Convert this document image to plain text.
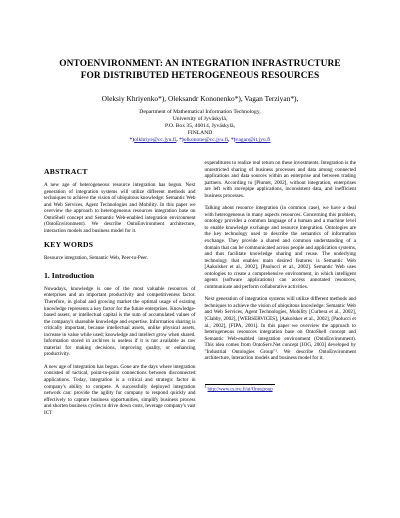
ONTOENVIRONMENT: AN INTEGRATION INFRASTRUCTURE
FOR DISTRIBUTED HETEROGENEOUS RESOURCES
Oleksiy Khriyenko*), Oleksandr Kononenko*), Vagan Terziyan*),
Department of Mathematical Information Technology,
University of Jyväskylä,
P.O. Box 35, 40014, Jyväskylä,
FINLAND
*)olkhriye@cc.jyu.fi, *)olkonone@cc.jyu.fi, *)vagan@it.jyu.fi
ABSTRACT

A new age of heterogeneous resource integration has begun. Next generation of integration systems will utilize different methods and techniques to achieve the vision of ubiquitous knowledge: Semantic Web and Web Services, Agent Technologies and Mobility. In this paper we overview the approach to heterogeneous resources integration base on OntoShell concept and Semantic Web-enabled integration environment (OntoEnvironment). We describe OntoEnvironment architecture, interaction models and business model for it.

KEY WORDS
Resource integration, Semantic Web, Peer-to-Peer.
1. Introduction

Nowadays, knowledge is one of the most valuable resources of enterprises and an important productivity and competitiveness factor. Therefore, in global and growing market the optimal usage of existing knowledge represents a key factor for the future enterprises. Knowledge-based assets, or intellectual capital is the sum of accumulated values of the company's shareable knowledge and expertise. Information sharing is critically important, because intellectual assets, unlike physical assets, increase in value while used; knowledge and intellect grow when shared. Information stored in archives is useless if it is not available as raw material for making decisions, improving quality, or enhancing productivity.

A new age of integration has begun. Gone are the days where integration consisted of tactical, point-to-point connections between disconnected applications. Today, integration is a critical and strategic factor in company's ability to compete. A successfully deployed integration network can: provide the agility for company to respond quickly and effectively to capture business opportunities, simplify business process and shorten business cycles to drive down costs, leverage company's vast ICT

expenditures to realize real return on these investments. Integration is the unrestricted sharing of business processes and data among connected applications and data sources within an enterprise and between trading partners. According to [Plumet, 2002], without integration, enterprises are left with stovepipe applications, inconsistent data, and inefficient business processes.

Talking about resource integration (in common case), we have a deal with heterogeneous in many aspects resources. Concerning this problem, ontology provides a common language of a human and a machine level to enable knowledge exchange and resource integration. Ontologies are the key technology used to describe the semantics of information exchange. They provide a shared and common understanding of a domain that can be communicated across people and application systems, and thus facilitate knowledge sharing and reuse. The underlying technology that enables main desired features is Semantic Web [Aakolsker et al., 2002], [Paolucci et al., 2002]. Semantic Web uses ontologies to create a comprehensive environment, in which intelligent agents (software applications) can access annotated resources, communicate and perform collaborative activities.

Next generation of integration systems will utilize different methods and techniques to achieve the vision of ubiquitous knowledge: Semantic Web and Web Services, Agent Technologies, Mobility [Curbera et al., 2002], [Clabby, 2002], [WEBSERVICES], [Aakolsker et al., 2002], [Paolucci et al., 2002], [FIPA, 2001]. In this paper we overview the approach to heterogeneous resources integration base on OntoShell concept and Semantic Web-enabled integration environment (OntoEnvironment). This idea comes from OntoServ.Net concept [IOG, 2003] developed by "Industrial Ontologies Group"¹. We describe OntoEnvironment architecture, interaction models and business model for it.

$^1$ http://www.cs.jyu.fi/ai/Ontogroup
